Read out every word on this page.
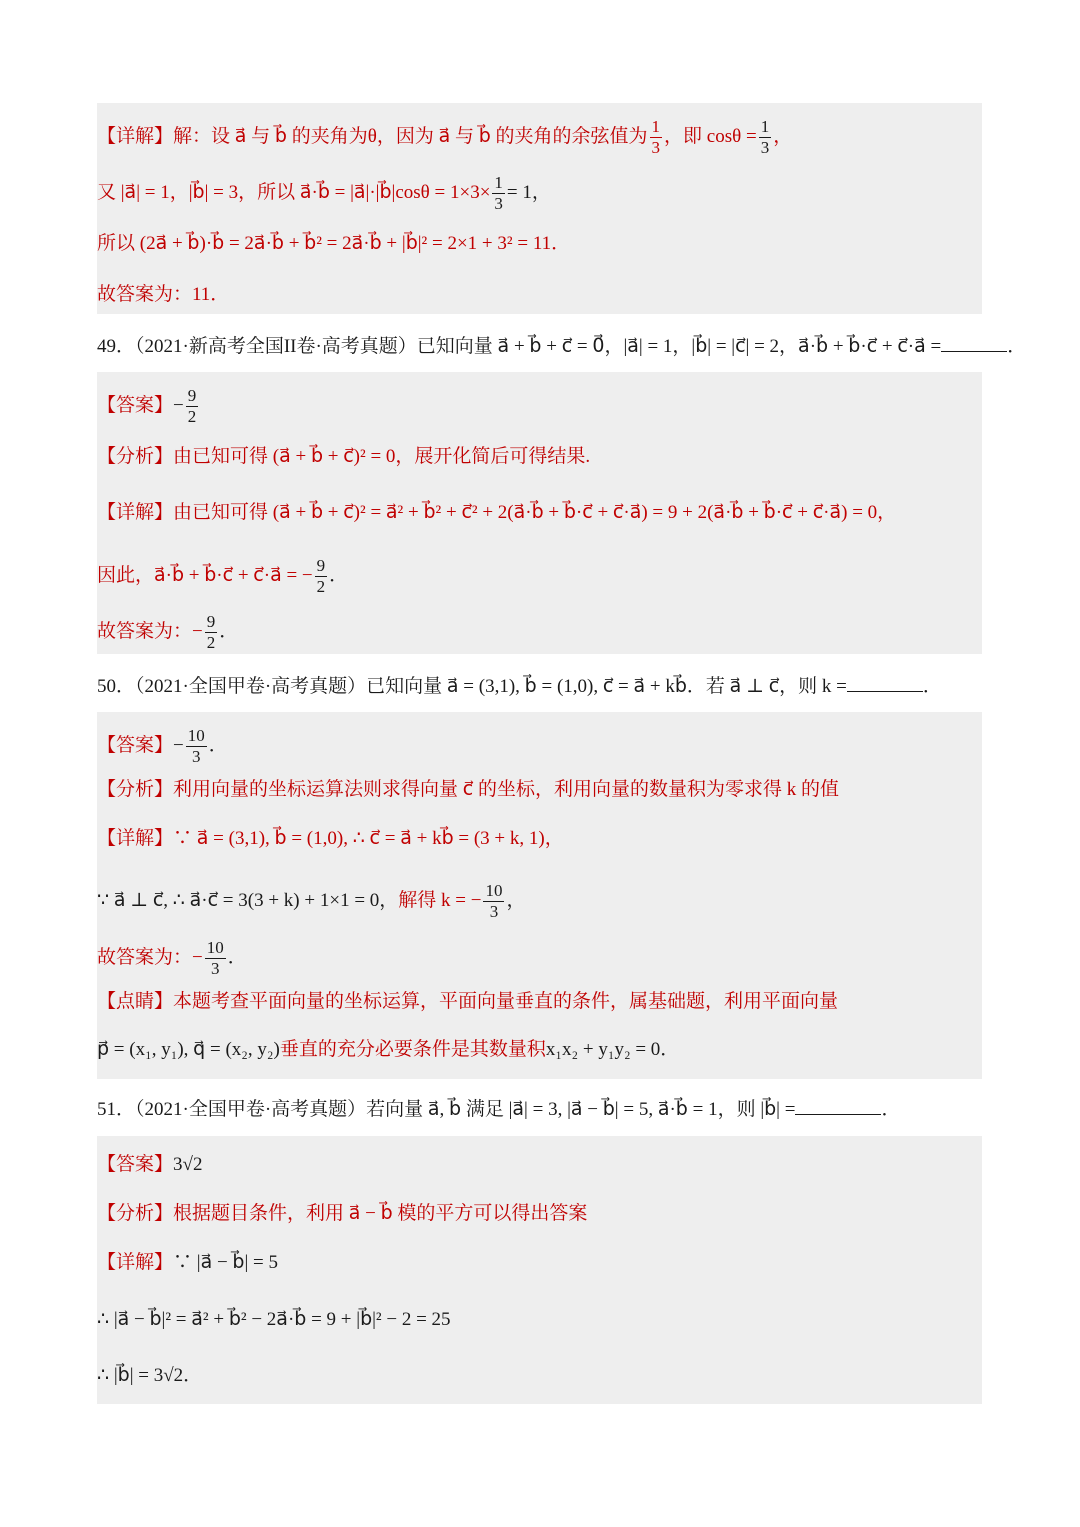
【详解】解：设 a⃗ 与 b⃗ 的夹角为θ，因为 a⃗ 与 b⃗ 的夹角的余弦值为 $\frac{1}{3}$ ，即 $\cos\theta = \frac{1}{3}$ ，
又 |a⃗| = 1，|b⃗| = 3，所以 a⃗·b⃗ = |a⃗|·|b⃗|cosθ = $1\times 3\times \frac{1}{3} = 1$，
所以 (2a⃗ + b⃗)·b⃗ = 2a⃗·b⃗ + b⃗² = 2a⃗·b⃗ + |b⃗|² = 2×1 + 3² = 11．
故答案为：11．
49．（2021·新高考全国II卷·高考真题）已知向量 a⃗ + b⃗ + c⃗ = 0⃗，|a⃗| = 1，|b⃗| = |c⃗| = 2，a⃗·b⃗ + b⃗·c⃗ + c⃗·a⃗ =	．
【答案】− $\frac{9}{2}$
【分析】由已知可得 (a⃗ + b⃗ + c⃗)² = 0，展开化简后可得结果.
【详解】由已知可得 (a⃗ + b⃗ + c⃗)² = a⃗² + b⃗² + c⃗² + 2(a⃗·b⃗ + b⃗·c⃗ + c⃗·a⃗) = 9 + 2(a⃗·b⃗ + b⃗·c⃗ + c⃗·a⃗) = 0，
因此，a⃗·b⃗ + b⃗·c⃗ + c⃗·a⃗ = − $\frac{9}{2}$ ．
故答案为：− $\frac{9}{2}$ ．
50．（2021·全国甲卷·高考真题）已知向量 a⃗ = (3,1), b⃗ = (1,0), c⃗ = a⃗ + kb⃗．若 a⃗ ⊥ c⃗，则 k =	．
【答案】− $\frac{10}{3}$ ．
【分析】利用向量的坐标运算法则求得向量 c⃗ 的坐标，利用向量的数量积为零求得 k 的值
【详解】∵ a⃗ = (3,1), b⃗ = (1,0), ∴ c⃗ = a⃗ + kb⃗ = (3 + k, 1)，
∵ a⃗ ⊥ c⃗, ∴ a⃗·c⃗ = 3(3 + k) + 1×1 = 0，解得 k = − $\frac{10}{3}$ ，
故答案为：− $\frac{10}{3}$ ．
【点睛】本题考查平面向量的坐标运算，平面向量垂直的条件，属基础题，利用平面向量
p⃗ = (x₁, y₁), q⃗ = (x₂, y₂)垂直的充分必要条件是其数量积x₁x₂ + y₁y₂ = 0．
51．（2021·全国甲卷·高考真题）若向量 a⃗, b⃗ 满足 |a⃗| = 3, |a⃗ − b⃗| = 5, a⃗·b⃗ = 1，则 |b⃗| =	．
【答案】3√2
【分析】根据题目条件，利用 a⃗ − b⃗ 模的平方可以得出答案
【详解】∵ |a⃗ − b⃗| = 5
∴ |a⃗ − b⃗|² = a⃗² + b⃗² − 2a⃗·b⃗ = 9 + |b⃗|² − 2 = 25
∴ |b⃗| = 3√2．
